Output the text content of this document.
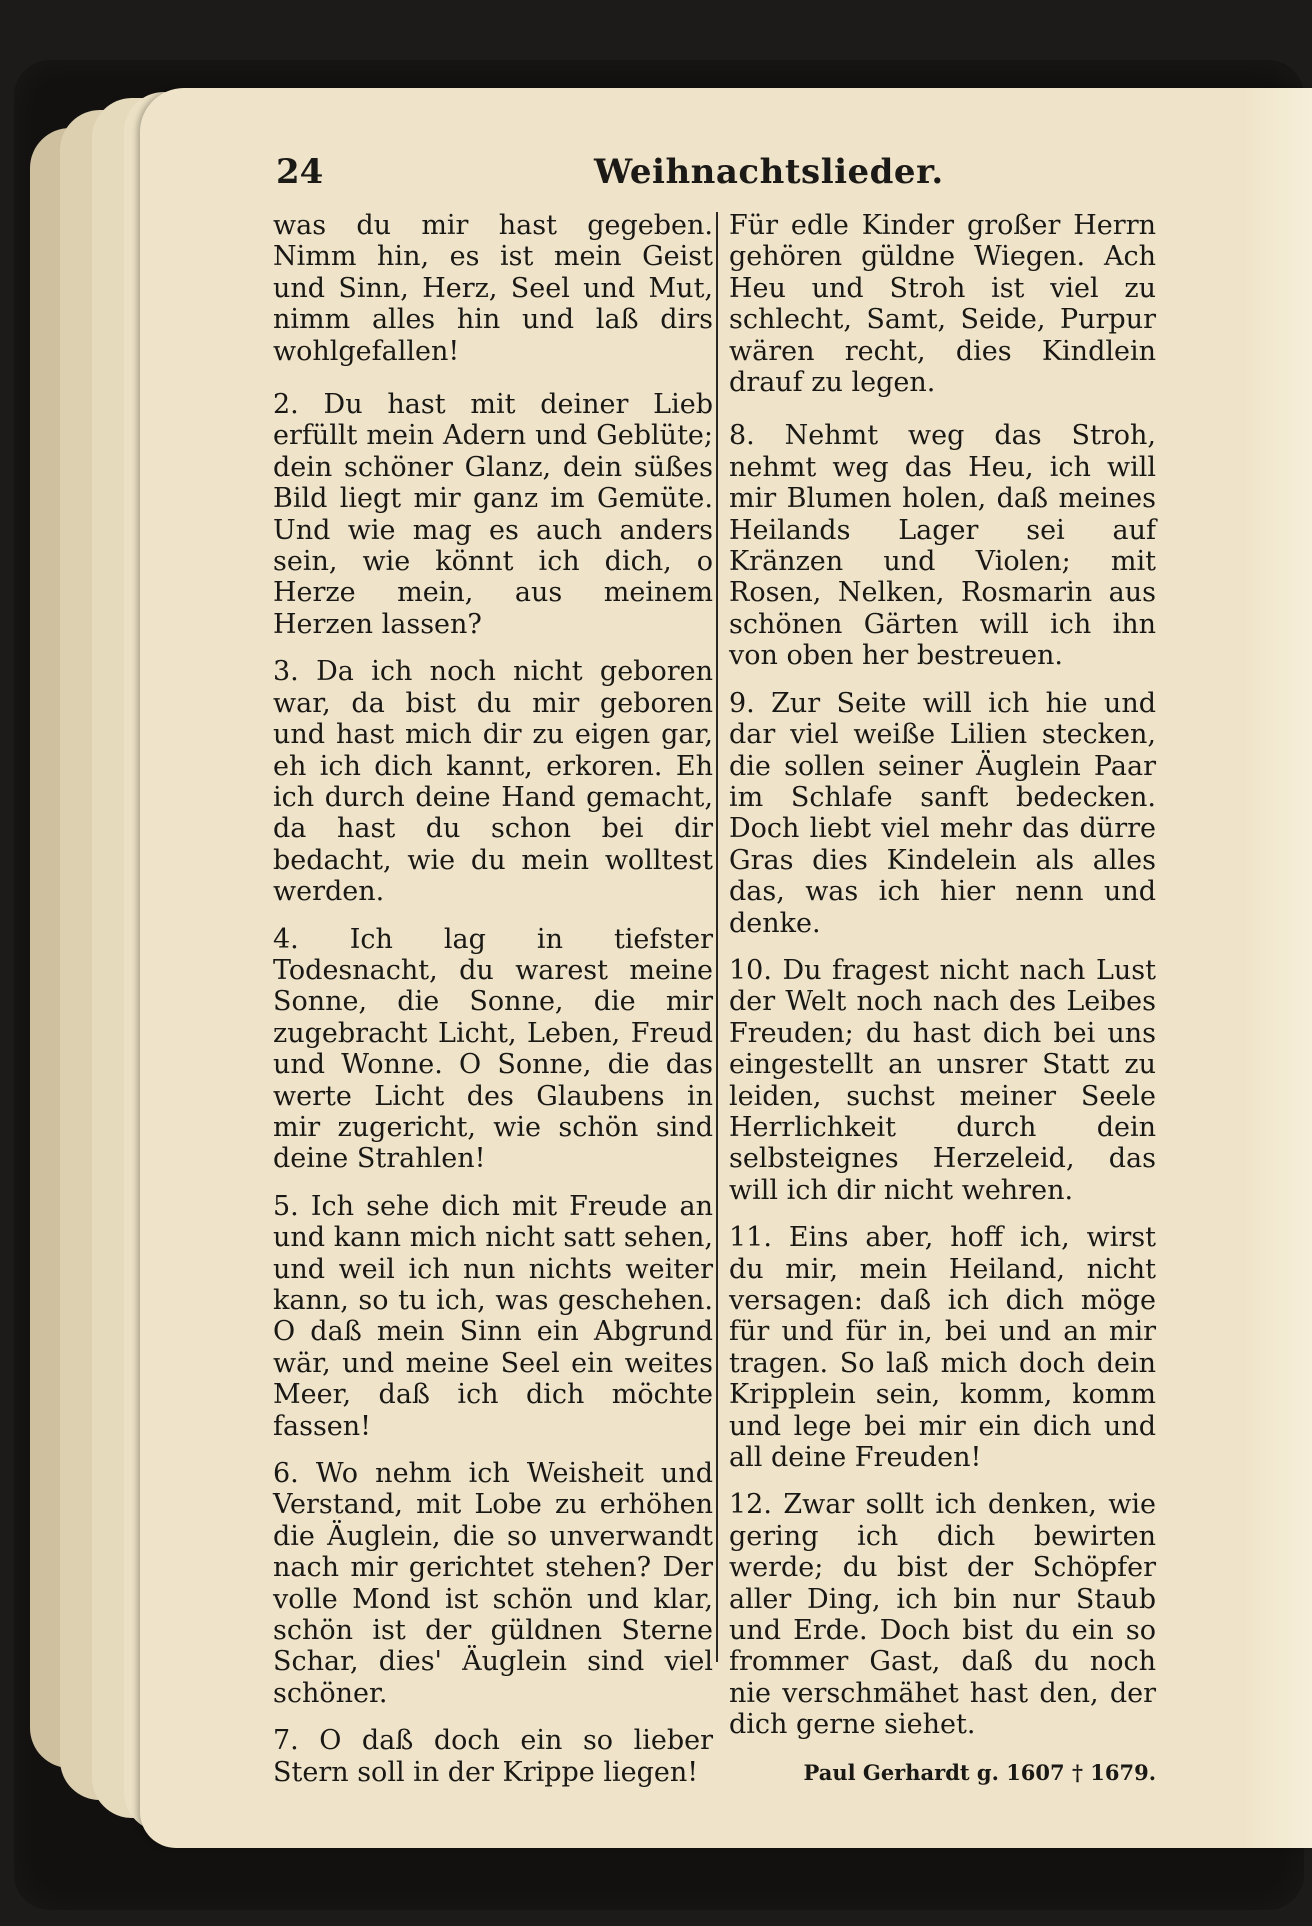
24	Weihnachtslieder.

was du mir hast gegeben. Nimm hin, es ist mein Geist und Sinn, Herz, Seel und Mut, nimm alles hin und laß dirs wohlgefallen!

2. Du hast mit deiner Lieb erfüllt mein Adern und Geblüte; dein schöner Glanz, dein süßes Bild liegt mir ganz im Gemüte. Und wie mag es auch anders sein, wie könnt ich dich, o Herze mein, aus meinem Herzen lassen?

3. Da ich noch nicht geboren war, da bist du mir geboren und hast mich dir zu eigen gar, eh ich dich kannt, erkoren. Eh ich durch deine Hand gemacht, da hast du schon bei dir bedacht, wie du mein wolltest werden.

4. Ich lag in tiefster Todesnacht, du warest meine Sonne, die Sonne, die mir zugebracht Licht, Leben, Freud und Wonne. O Sonne, die das werte Licht des Glaubens in mir zugericht, wie schön sind deine Strahlen!

5. Ich sehe dich mit Freude an und kann mich nicht satt sehen, und weil ich nun nichts weiter kann, so tu ich, was geschehen. O daß mein Sinn ein Abgrund wär, und meine Seel ein weites Meer, daß ich dich möchte fassen!

6. Wo nehm ich Weisheit und Verstand, mit Lobe zu erhöhen die Äuglein, die so unverwandt nach mir gerichtet stehen? Der volle Mond ist schön und klar, schön ist der güldnen Sterne Schar, dies' Äuglein sind viel schöner.

7. O daß doch ein so lieber Stern soll in der Krippe liegen!

Für edle Kinder großer Herrn gehören güldne Wiegen. Ach Heu und Stroh ist viel zu schlecht, Samt, Seide, Purpur wären recht, dies Kindlein drauf zu legen.

8. Nehmt weg das Stroh, nehmt weg das Heu, ich will mir Blumen holen, daß meines Heilands Lager sei auf Kränzen und Violen; mit Rosen, Nelken, Rosmarin aus schönen Gärten will ich ihn von oben her bestreuen.

9. Zur Seite will ich hie und dar viel weiße Lilien stecken, die sollen seiner Äuglein Paar im Schlafe sanft bedecken. Doch liebt viel mehr das dürre Gras dies Kindelein als alles das, was ich hier nenn und denke.

10. Du fragest nicht nach Lust der Welt noch nach des Leibes Freuden; du hast dich bei uns eingestellt an unsrer Statt zu leiden, suchst meiner Seele Herrlichkeit durch dein selbsteignes Herzeleid, das will ich dir nicht wehren.

11. Eins aber, hoff ich, wirst du mir, mein Heiland, nicht versagen: daß ich dich möge für und für in, bei und an mir tragen. So laß mich doch dein Kripplein sein, komm, komm und lege bei mir ein dich und all deine Freuden!

12. Zwar sollt ich denken, wie gering ich dich bewirten werde; du bist der Schöpfer aller Ding, ich bin nur Staub und Erde. Doch bist du ein so frommer Gast, daß du noch nie verschmähet hast den, der dich gerne siehet.

Paul Gerhardt g. 1607 † 1679.
